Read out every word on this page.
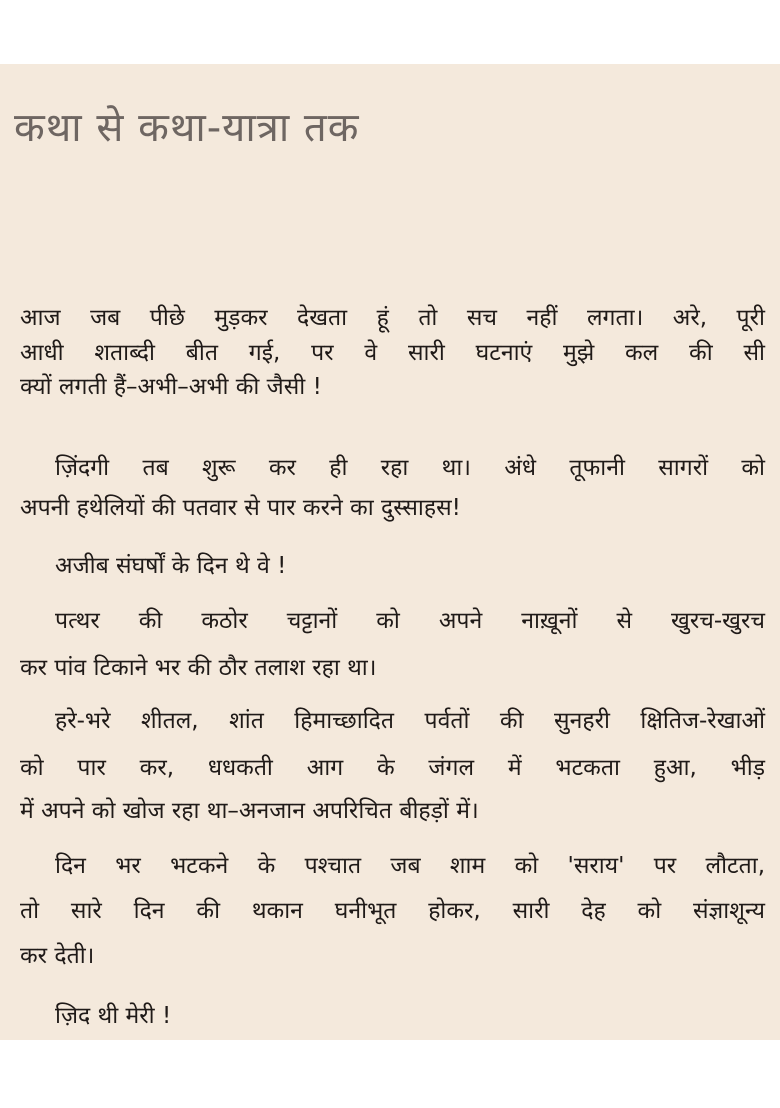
कथा से कथा-यात्रा तक
आज जब पीछे मुड़कर देखता हूं तो सच नहीं लगता। अरे, पूरी
आधी शताब्दी बीत गई, पर वे सारी घटनाएं मुझे कल की सी
क्यों लगती हैं–अभी–अभी की जैसी !
ज़िंदगी तब शुरू कर ही रहा था। अंधे तूफानी सागरों को
अपनी हथेलियों की पतवार से पार करने का दुस्साहस!
अजीब संघर्षों के दिन थे वे !
पत्थर की कठोर चट्टानों को अपने नाख़ूनों से खुरच-खुरच
कर पांव टिकाने भर की ठौर तलाश रहा था।
हरे-भरे शीतल, शांत हिमाच्छादित पर्वतों की सुनहरी क्षितिज-रेखाओं
को पार कर, धधकती आग के जंगल में भटकता हुआ, भीड़
में अपने को खोज रहा था–अनजान अपरिचित बीहड़ों में।
दिन भर भटकने के पश्चात जब शाम को 'सराय' पर लौटता,
तो सारे दिन की थकान घनीभूत होकर, सारी देह को संज्ञाशून्य
कर देती।
ज़िद थी मेरी !
